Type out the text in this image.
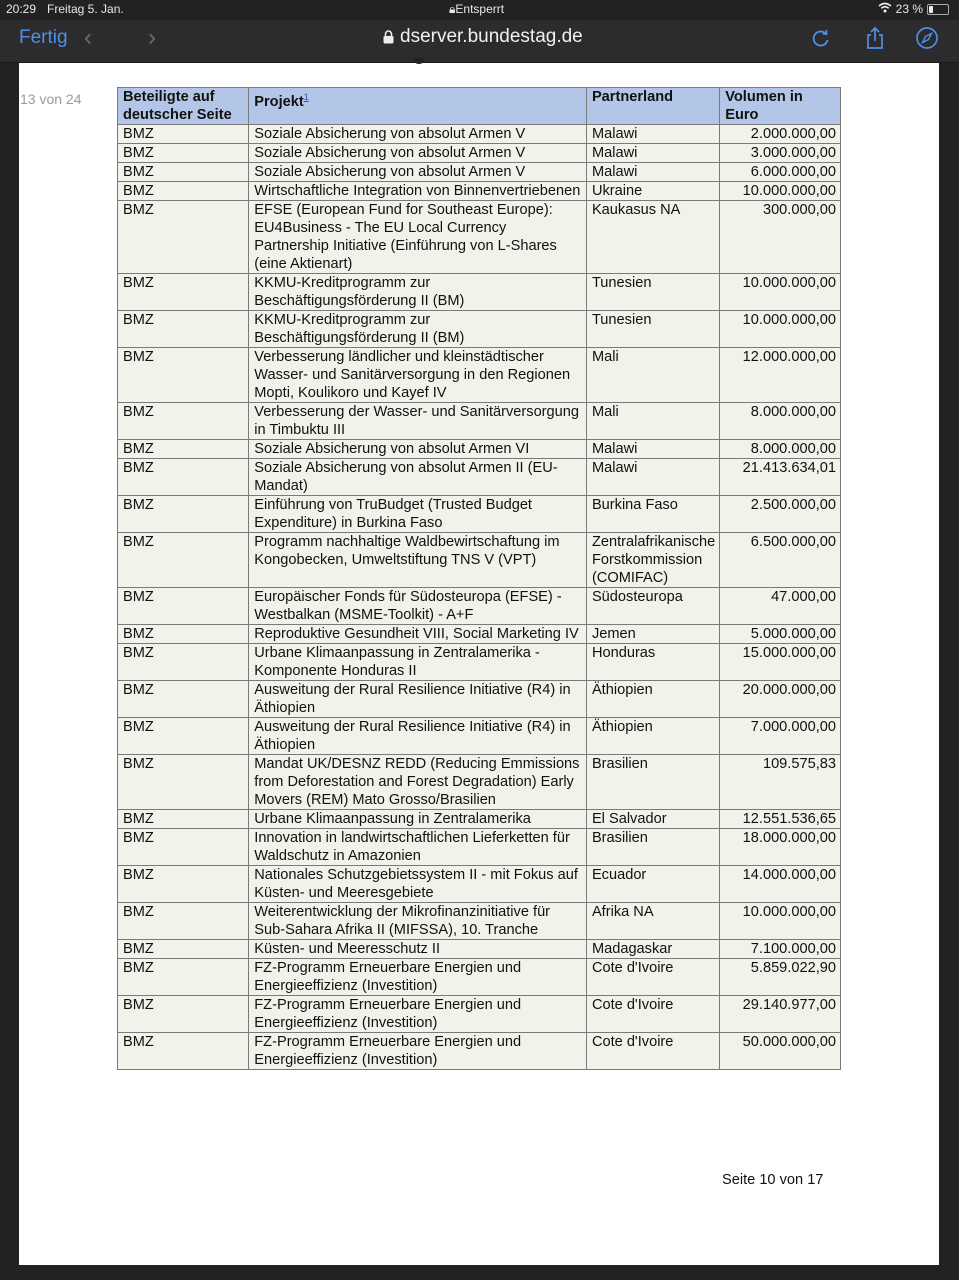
20:29 Freitag 5. Jan.	🔒︎Entsperrt	23 %
Fertig ‹ ›	dserver.bundestag.de
13 von 24	Beteiligte auf deutscher Seite	Projekt$^1$	Partnerland	Volumen in Euro
BMZ	Soziale Absicherung von absolut Armen V	Malawi	2.000.000,00
BMZ	Soziale Absicherung von absolut Armen V	Malawi	3.000.000,00
BMZ	Soziale Absicherung von absolut Armen V	Malawi	6.000.000,00
BMZ	Wirtschaftliche Integration von Binnenvertriebenen	Ukraine	10.000.000,00
BMZ	EFSE (European Fund for Southeast Europe): EU4Business - The EU Local Currency Partnership Initiative (Einführung von L-Shares (eine Aktienart)	Kaukasus NA	300.000,00
BMZ	KKMU-Kreditprogramm zur Beschäftigungsförderung II (BM)	Tunesien	10.000.000,00
BMZ	KKMU-Kreditprogramm zur Beschäftigungsförderung II (BM)	Tunesien	10.000.000,00
BMZ	Verbesserung ländlicher und kleinstädtischer Wasser- und Sanitärversorgung in den Regionen Mopti, Koulikoro und Kayef IV	Mali	12.000.000,00
BMZ	Verbesserung der Wasser- und Sanitärversorgung in Timbuktu III	Mali	8.000.000,00
BMZ	Soziale Absicherung von absolut Armen VI	Malawi	8.000.000,00
BMZ	Soziale Absicherung von absolut Armen II (EU-Mandat)	Malawi	21.413.634,01
BMZ	Einführung von TruBudget (Trusted Budget Expenditure) in Burkina Faso	Burkina Faso	2.500.000,00
BMZ	Programm nachhaltige Waldbewirtschaftung im Kongobecken, Umweltstiftung TNS V (VPT)	Zentralafrikanische Forstkommission (COMIFAC)	6.500.000,00
BMZ	Europäischer Fonds für Südosteuropa (EFSE) - Westbalkan (MSME-Toolkit) - A+F	Südosteuropa	47.000,00
BMZ	Reproduktive Gesundheit VIII, Social Marketing IV	Jemen	5.000.000,00
BMZ	Urbane Klimaanpassung in Zentralamerika - Komponente Honduras II	Honduras	15.000.000,00
BMZ	Ausweitung der Rural Resilience Initiative (R4) in Äthiopien	Äthiopien	20.000.000,00
BMZ	Ausweitung der Rural Resilience Initiative (R4) in Äthiopien	Äthiopien	7.000.000,00
BMZ	Mandat UK/DESNZ REDD (Reducing Emmissions from Deforestation and Forest Degradation) Early Movers (REM) Mato Grosso/Brasilien	Brasilien	109.575,83
BMZ	Urbane Klimaanpassung in Zentralamerika	El Salvador	12.551.536,65
BMZ	Innovation in landwirtschaftlichen Lieferketten für Waldschutz in Amazonien	Brasilien	18.000.000,00
BMZ	Nationales Schutzgebietssystem II - mit Fokus auf Küsten- und Meeresgebiete	Ecuador	14.000.000,00
BMZ	Weiterentwicklung der Mikrofinanzinitiative für Sub-Sahara Afrika II (MIFSSA), 10. Tranche	Afrika NA	10.000.000,00
BMZ	Küsten- und Meeresschutz II	Madagaskar	7.100.000,00
BMZ	FZ-Programm Erneuerbare Energien und Energieeffizienz (Investition)	Cote d'Ivoire	5.859.022,90
BMZ	FZ-Programm Erneuerbare Energien und Energieeffizienz (Investition)	Cote d'Ivoire	29.140.977,00
BMZ	FZ-Programm Erneuerbare Energien und Energieeffizienz (Investition)	Cote d'Ivoire	50.000.000,00
Seite 10 von 17
